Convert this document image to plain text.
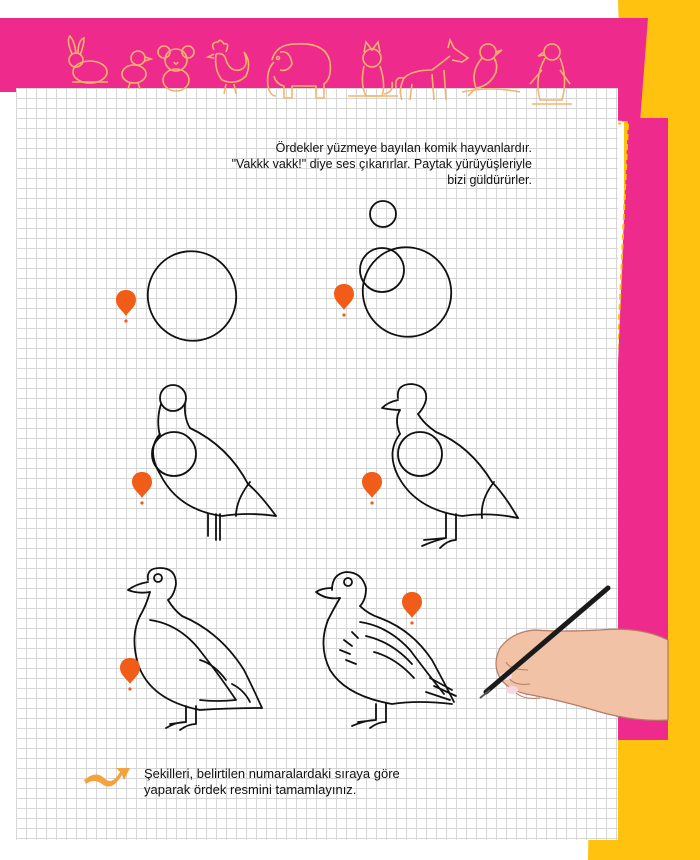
Ördekler yüzmeye bayılan komik hayvanlardır.
"Vakkk vakk!" diye ses çıkarırlar. Paytak yürüyüşleriyle
bizi güldürürler.
Şekilleri, belirtilen numaralardaki sıraya göre
yaparak ördek resmini tamamlayınız.
